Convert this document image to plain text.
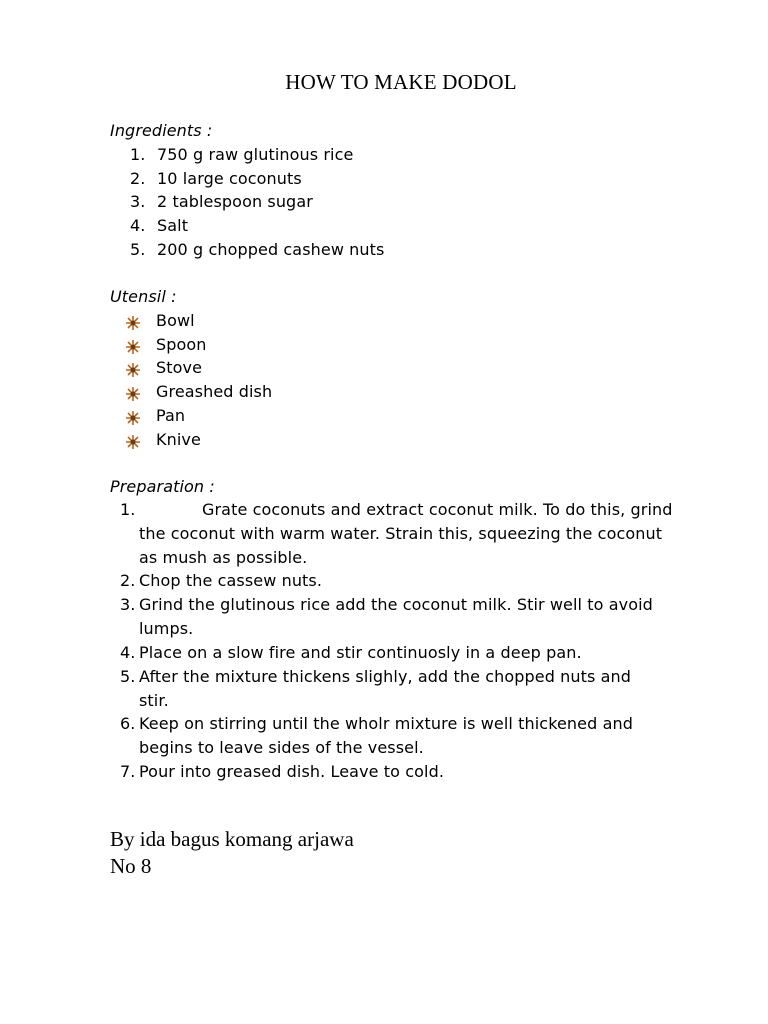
HOW TO MAKE DODOL
Ingredients :
1. 750 g raw glutinous rice
2. 10 large coconuts
3. 2 tablespoon sugar
4. Salt
5. 200 g chopped cashew nuts
Utensil :
Bowl
Spoon
Stove
Greashed dish
Pan
Knive
Preparation :
1.	Grate coconuts and extract coconut milk. To do this, grind
the coconut with warm water. Strain this, squeezing the coconut
as mush as possible.
2. Chop the cassew nuts.
3. Grind the glutinous rice add the coconut milk. Stir well to avoid
lumps.
4. Place on a slow fire and stir continuosly in a deep pan.
5. After the mixture thickens slighly, add the chopped nuts and
stir.
6. Keep on stirring until the wholr mixture is well thickened and
begins to leave sides of the vessel.
7. Pour into greased dish. Leave to cold.
By ida bagus komang arjawa
No 8
